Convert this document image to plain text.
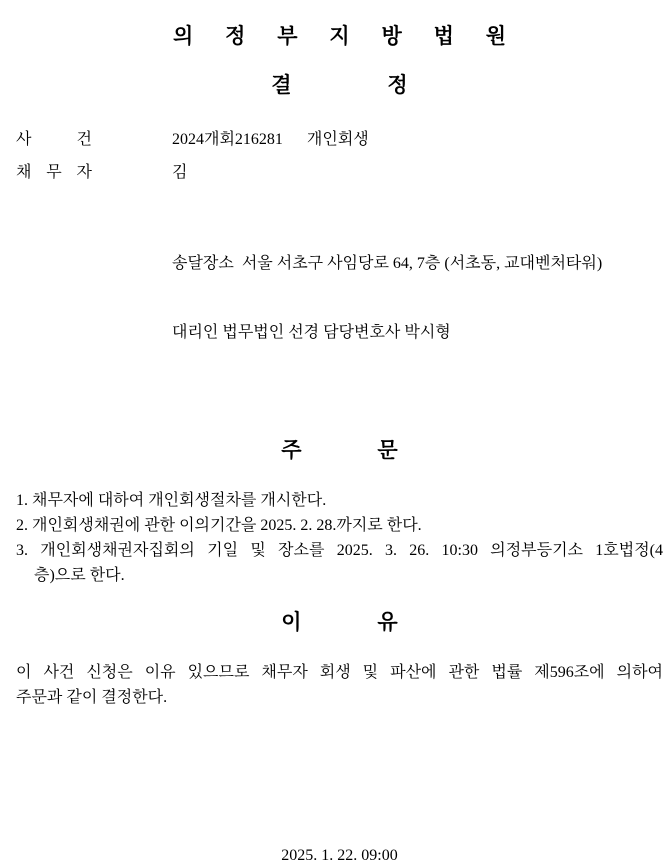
의 정 부 지 방 법 원
결 정
사	건	2024개회216281 개인회생
채 무 자	김

송달장소  서울 서초구 사임당로 64, 7층 (서초동, 교대벤처타워)

대리인 법무법인 선경 담당변호사 박시형

주 문
1. 채무자에 대하여 개인회생절차를 개시한다.
2. 개인회생채권에 관한 이의기간을 2025. 2. 28.까지로 한다.
3. 개인회생채권자집회의 기일 및 장소를 2025. 3. 26. 10:30 의정부등기소 1호법정(4
층)으로 한다.
이 유
이 사건 신청은 이유 있으므로 채무자 회생 및 파산에 관한 법률 제596조에 의하여
주문과 같이 결정한다.
2025. 1. 22. 09:00
